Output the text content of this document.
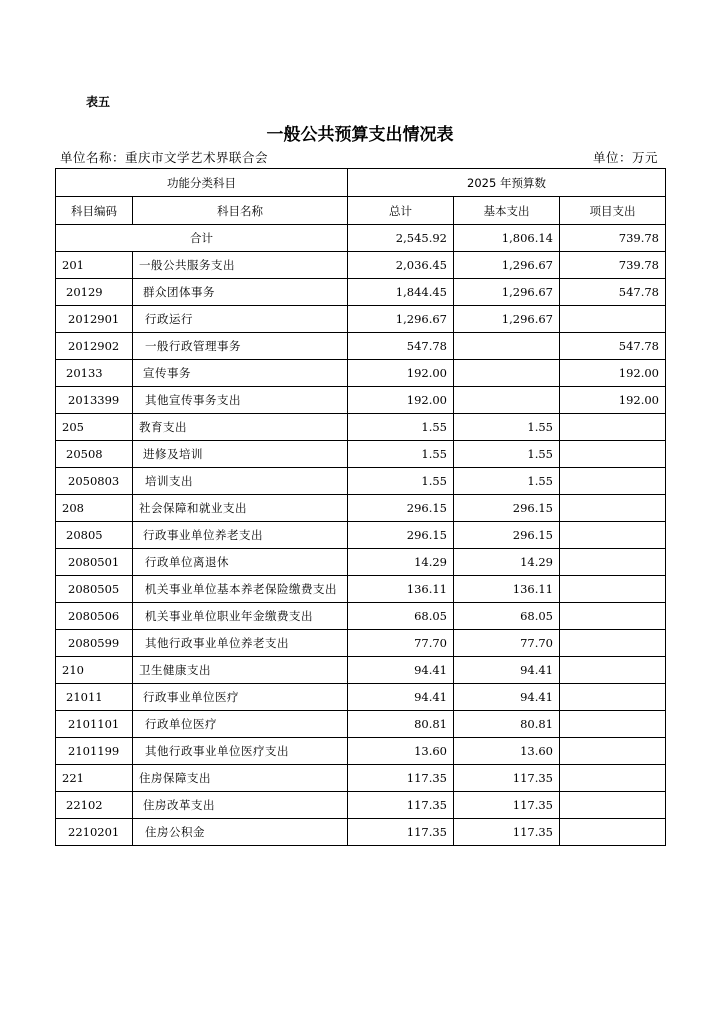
表五
一般公共预算支出情况表
单位名称：重庆市文学艺术界联合会	单位：万元
功能分类科目		2025 年预算数		
科目编码	科目名称	总计	基本支出	项目支出
合计		2,545.92	1,806.14	739.78
201	一般公共服务支出	2,036.45	1,296.67	739.78
20129	群众团体事务	1,844.45	1,296.67	547.78
2012901	行政运行	1,296.67	1,296.67	
2012902	一般行政管理事务	547.78		547.78
20133	宣传事务	192.00		192.00
2013399	其他宣传事务支出	192.00		192.00
205	教育支出	1.55	1.55	
20508	进修及培训	1.55	1.55	
2050803	培训支出	1.55	1.55	
208	社会保障和就业支出	296.15	296.15	
20805	行政事业单位养老支出	296.15	296.15	
2080501	行政单位离退休	14.29	14.29	
2080505	机关事业单位基本养老保险缴费支出	136.11	136.11	
2080506	机关事业单位职业年金缴费支出	68.05	68.05	
2080599	其他行政事业单位养老支出	77.70	77.70	
210	卫生健康支出	94.41	94.41	
21011	行政事业单位医疗	94.41	94.41	
2101101	行政单位医疗	80.81	80.81	
2101199	其他行政事业单位医疗支出	13.60	13.60	
221	住房保障支出	117.35	117.35	
22102	住房改革支出	117.35	117.35	
2210201	住房公积金	117.35	117.35	
